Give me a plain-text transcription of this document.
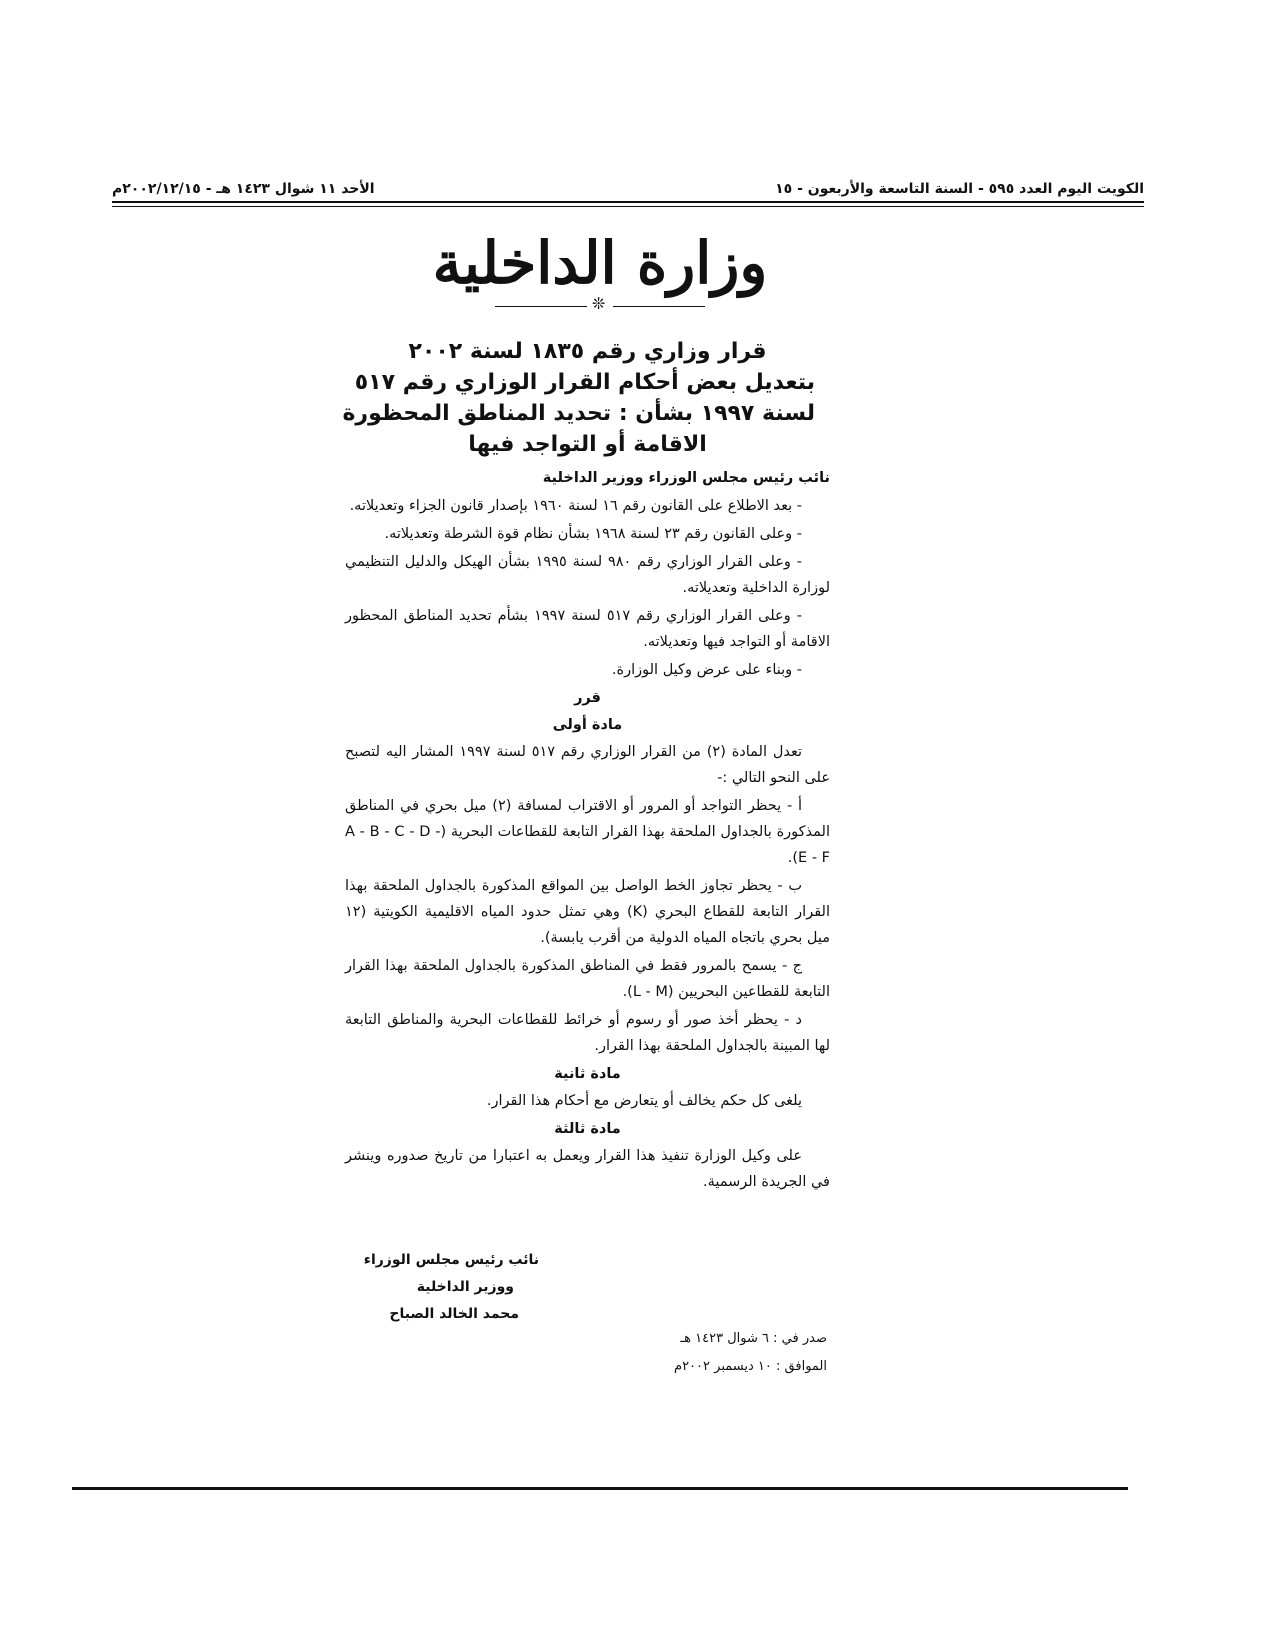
الكويت اليوم العدد ٥٩٥ - السنة التاسعة والأربعون - ١٥
الأحد ١١ شوال ١٤٢٣ هـ - ٢٠٠٢/١٢/١٥م
وزارة الداخلية
❊
قرار وزاري رقم ١٨٣٥ لسنة ٢٠٠٢
بتعديل بعض أحكام القرار الوزاري رقم ٥١٧
لسنة ١٩٩٧ بشأن : تحديد المناطق المحظورة
الاقامة أو التواجد فيها

نائب رئيس مجلس الوزراء ووزير الداخلية

- بعد الاطلاع على القانون رقم ١٦ لسنة ١٩٦٠ بإصدار قانون الجزاء وتعديلاته.

- وعلى القانون رقم ٢٣ لسنة ١٩٦٨ بشأن نظام قوة الشرطة وتعديلاته.

- وعلى القرار الوزاري رقم ٩٨٠ لسنة ١٩٩٥ بشأن الهيكل والدليل التنظيمي لوزارة الداخلية وتعديلاته.

- وعلى القرار الوزاري رقم ٥١٧ لسنة ١٩٩٧ بشأم تحديد المناطق المحظور الاقامة أو التواجد فيها وتعديلاته.

- وبناء على عرض وكيل الوزارة.

قرر

مادة أولى

تعدل المادة (٢) من القرار الوزاري رقم ٥١٧ لسنة ١٩٩٧ المشار اليه لتصبح على النحو التالي :-

أ - يحظر التواجد أو المرور أو الاقتراب لمسافة (٢) ميل بحري في المناطق المذكورة بالجداول الملحقة بهذا القرار التابعة للقطاعات البحرية (A - B - C - D - E - F).

ب - يحظر تجاوز الخط الواصل بين المواقع المذكورة بالجداول الملحقة بهذا القرار التابعة للقطاع البحري (K) وهي تمثل حدود المياه الاقليمية الكويتية (١٢ ميل بحري باتجاه المياه الدولية من أقرب يابسة).

ج - يسمح بالمرور فقط في المناطق المذكورة بالجداول الملحقة بهذا القرار التابعة للقطاعين البحريين (L - M).

د - يحظر أخذ صور أو رسوم أو خرائط للقطاعات البحرية والمناطق التابعة لها المبينة بالجداول الملحقة بهذا القرار.

مادة ثانية

يلغى كل حكم يخالف أو يتعارض مع أحكام هذا القرار.

مادة ثالثة

على وكيل الوزارة تنفيذ هذا القرار ويعمل به اعتبارا من تاريخ صدوره وينشر في الجريدة الرسمية.

نائب رئيس مجلس الوزراء
ووزير الداخلية
محمد الخالد الصباح
صدر في : ٦ شوال ١٤٢٣ هـ
الموافق : ١٠ ديسمبر ٢٠٠٢م
